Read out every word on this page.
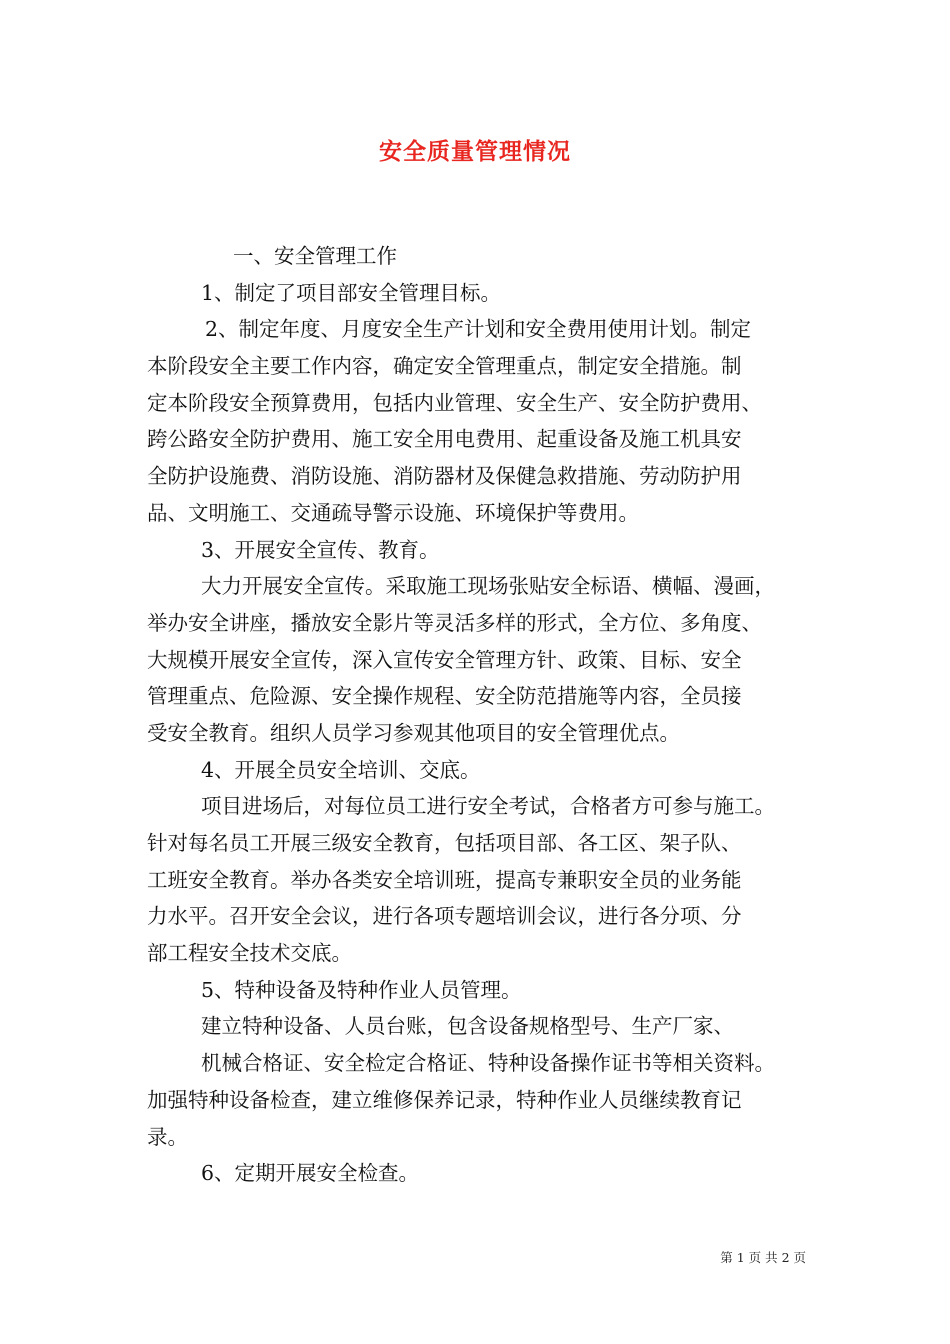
安全质量管理情况
一、安全管理工作
1、制定了项目部安全管理目标。
2、制定年度、月度安全生产计划和安全费用使用计划。制定
本阶段安全主要工作内容，确定安全管理重点，制定安全措施。制
定本阶段安全预算费用，包括内业管理、安全生产、安全防护费用、
跨公路安全防护费用、施工安全用电费用、起重设备及施工机具安
全防护设施费、消防设施、消防器材及保健急救措施、劳动防护用
品、文明施工、交通疏导警示设施、环境保护等费用。
3、开展安全宣传、教育。
大力开展安全宣传。采取施工现场张贴安全标语、横幅、漫画，
举办安全讲座，播放安全影片等灵活多样的形式，全方位、多角度、
大规模开展安全宣传，深入宣传安全管理方针、政策、目标、安全
管理重点、危险源、安全操作规程、安全防范措施等内容，全员接
受安全教育。组织人员学习参观其他项目的安全管理优点。
4、开展全员安全培训、交底。
项目进场后，对每位员工进行安全考试，合格者方可参与施工。
针对每名员工开展三级安全教育，包括项目部、各工区、架子队、
工班安全教育。举办各类安全培训班，提高专兼职安全员的业务能
力水平。召开安全会议，进行各项专题培训会议，进行各分项、分
部工程安全技术交底。
5、特种设备及特种作业人员管理。
建立特种设备、人员台账，包含设备规格型号、生产厂家、
机械合格证、安全检定合格证、特种设备操作证书等相关资料。
加强特种设备检查，建立维修保养记录，特种作业人员继续教育记
录。
6、定期开展安全检查。
第 1 页 共 2 页
